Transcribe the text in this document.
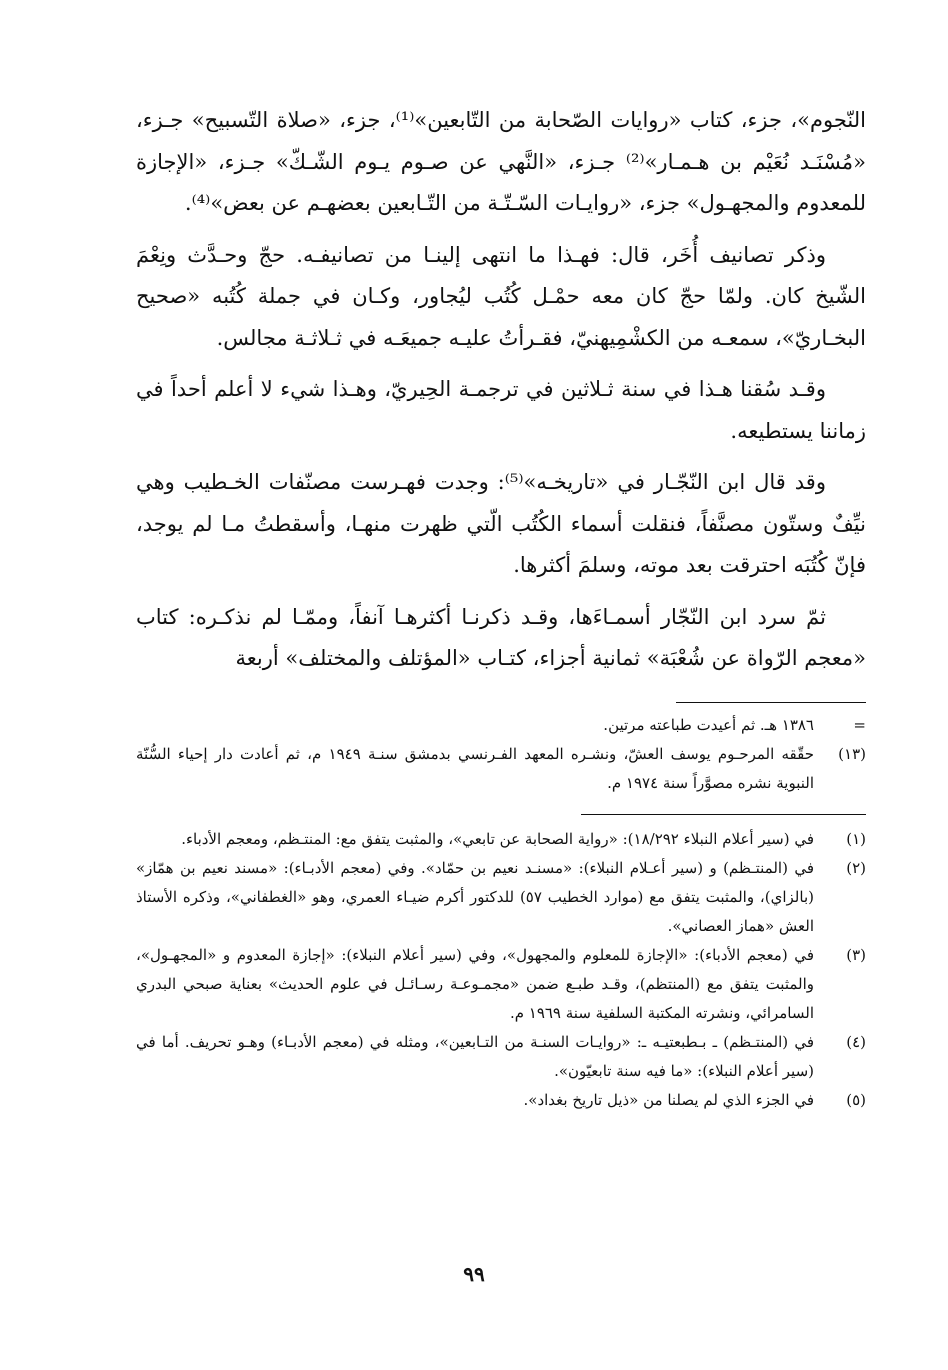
النّجوم»، جزء، كتاب «روايات الصّحابة من التّابعين»⁽¹⁾، جزء، «صلاة التّسبيح» جـزء، «مُسْنَـد نُعَيْم بن هـمـار»⁽²⁾ جـزء، «النَّهي عن صـوم يـوم الشّـكّ» جـزء، «الإجازة للمعدوم والمجهـول» جزء، «روايـات السّـتّـة من التّـابعين بعضهـم عن بعض»⁽⁴⁾.

وذكر تصانيف أُخَر، قال: فهـذا ما انتهى إلينـا من تصانيفـه. حجّ وحـدَّث ونِعْمَ الشّيخ كان. ولمّا حجّ كان معه حمْـل كُتُب ليُجاور، وكـان في جملة كُتُبه «صحيح البخـاريّ»، سمعـه من الكشْمِيهنيّ، فقـرأتُ عليـه جميعَـه في ثـلاثـة مجالس.

وقـد سُقنا هـذا في سنة ثـلاثين في ترجمـة الحِيريّ، وهـذا شيء لا أعلم أحداً في زماننا يستطيعه.

وقد قال ابن النّجّـار في «تاريخـه»⁽⁵⁾: وجدت فهـرست مصنّفات الخـطيب وهي نيِّفٌ وستّون مصنَّفاً، فنقلت أسماء الكُتُب الّتي ظهرت منهـا، وأسقطتُ مـا لم يوجد، فإنّ كُتُبَه احترقت بعد موته، وسلمَ أكثرها.

ثمّ سرد ابن النّجّار أسمـاءَها، وقـد ذكرنـا أكثرهـا آنفاً، وممّـا لم نذكـره: كتاب «معجم الرّواة عن شُعْبَة» ثمانية أجزاء، كتـاب «المؤتلف والمختلف» أربعة

=
١٣٨٦ هـ. ثم أعيدت طباعته مرتين.
(١٣)
حقّقه المرحـوم يوسف العشّ، ونشـره المعهد الفـرنسي بدمشق سنـة ١٩٤٩ م، ثم أعادت دار إحياء السُّنّة النبوية نشره مصوَّراً سنة ١٩٧٤ م.
(١)
في (سير أعلام النبلاء ١٨/٢٩٢): «رواية الصحابة عن تابعي»، والمثبت يتفق مع: المنتـظم، ومعجم الأدباء.
(٢)
في (المنتـظم) و (سير أعـلام النبلاء): «مسنـد نعيم بن حمّاد». وفي (معجم الأدبـاء): «مسند نعيم بن همّاز» (بالزاي)، والمثبت يتفق مع (موارد الخطيب ٥٧) للدكتور أكرم ضيـاء العمري، وهو «الغطفاني»، وذكره الأستاذ العش «هماز العصاني».
(٣)
في (معجم الأدباء): «الإجازة للمعلوم والمجهول»، وفي (سير أعلام النبلاء): «إجازة المعدوم و «المجهـول»، والمثبت يتفق مع (المنتظم)، وقـد طبـع ضمن «مجمـوعـة رسـائـل في علوم الحديث» بعناية صبحي البدري السامرائي، ونشرته المكتبة السلفية سنة ١٩٦٩ م.
(٤)
في (المنتـظم) ـ بـطبعتيـه ـ: «روايـات السنـة من التـابعين»، ومثله في (معجم الأدبـاء) وهـو تحريف. أما في (سير أعلام النبلاء): «ما فيه سنة تابعيّون».
(٥)
في الجزء الذي لم يصلنا من «ذيل تاريخ بغداد».
٩٩
